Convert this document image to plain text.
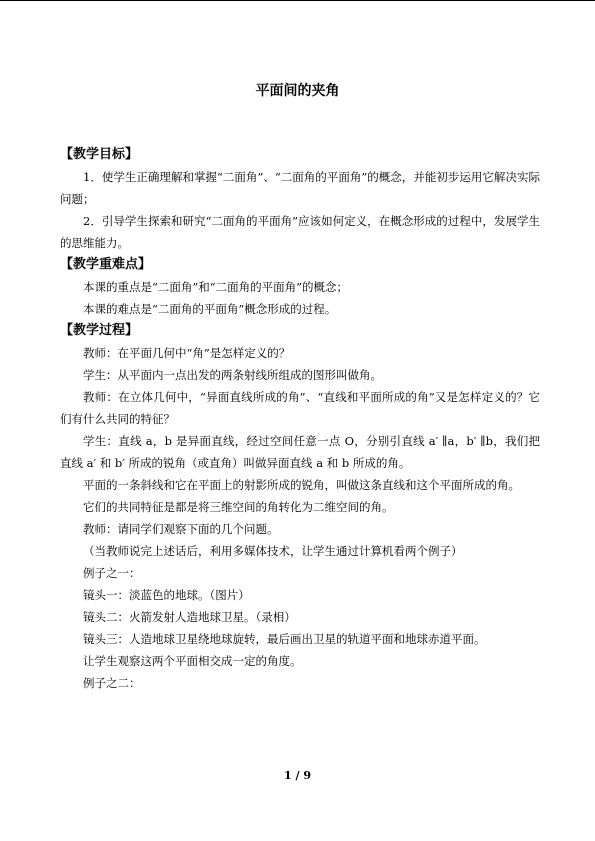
平面间的夹角
【教学目标】
1．使学生正确理解和掌握“二面角”、“二面角的平面角”的概念，并能初步运用它解决实际问题；
2．引导学生探索和研究“二面角的平面角”应该如何定义，在概念形成的过程中，发展学生的思维能力。
【教学重难点】
本课的重点是“二面角”和“二面角的平面角”的概念；
本课的难点是“二面角的平面角”概念形成的过程。
【教学过程】
教师：在平面几何中“角”是怎样定义的？
学生：从平面内一点出发的两条射线所组成的图形叫做角。
教师：在立体几何中，“异面直线所成的角”、“直线和平面所成的角”又是怎样定义的？它们有什么共同的特征？
学生：直线 a，b 是异面直线，经过空间任意一点 O，分别引直线 a′ ∥a，b′ ∥b，我们把直线 a′ 和 b′ 所成的锐角（或直角）叫做异面直线 a 和 b 所成的角。
平面的一条斜线和它在平面上的射影所成的锐角，叫做这条直线和这个平面所成的角。
它们的共同特征是都是将三维空间的角转化为二维空间的角。
教师：请同学们观察下面的几个问题。
（当教师说完上述话后，利用多媒体技术，让学生通过计算机看两个例子）
例子之一：
镜头一：淡蓝色的地球。（图片）
镜头二：火箭发射人造地球卫星。（录相）
镜头三：人造地球卫星绕地球旋转，最后画出卫星的轨道平面和地球赤道平面。
让学生观察这两个平面相交成一定的角度。
例子之二：
1 / 9
